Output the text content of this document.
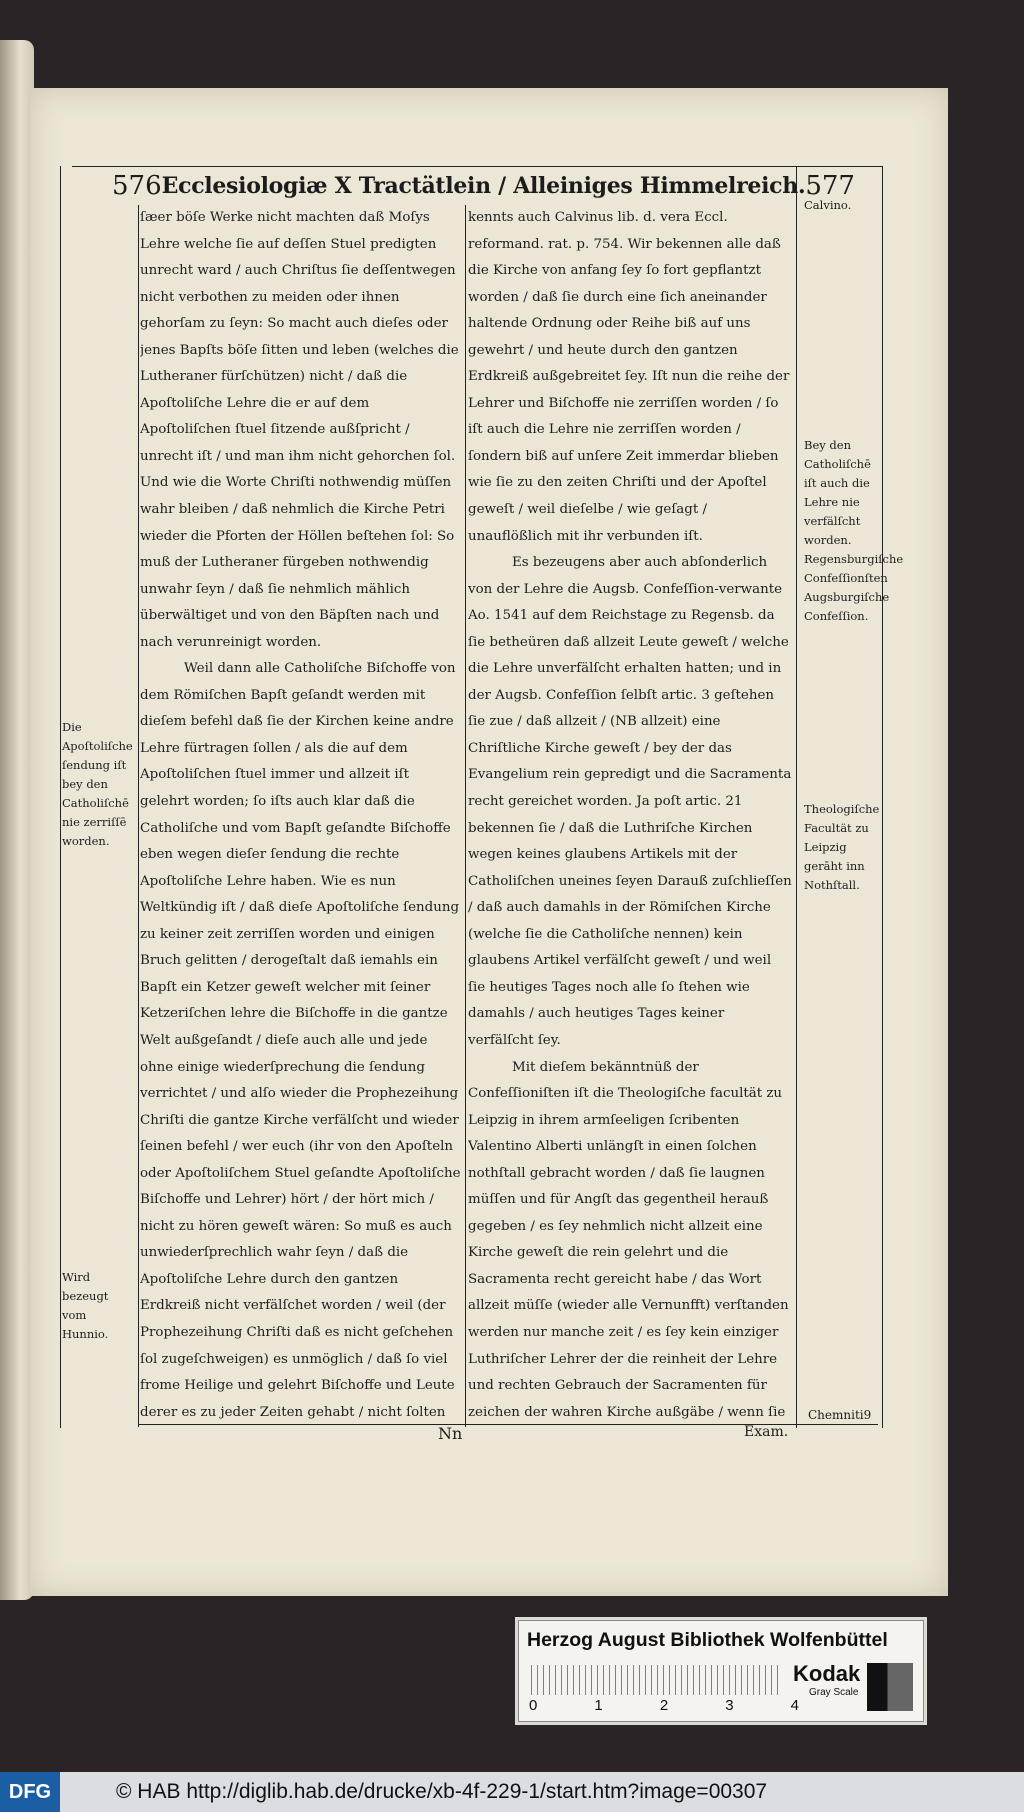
576 Ecclesiologiæ X Tractätlein / Alleiniges Himmelreich. 577

ſæer böſe Werke nicht machten daß Moſys Lehre welche ſie auf deſſen Stuel predigten unrecht ward / auch Chriſtus ſie deſſentwegen nicht verbothen zu meiden oder ihnen gehorſam zu ſeyn: So macht auch dieſes oder jenes Bapſts böſe ſitten und leben (welches die Lutheraner fürſchützen) nicht / daß die Apoſtoliſche Lehre die er auf dem Apoſtoliſchen ſtuel ſitzende außſpricht / unrecht iſt / und man ihm nicht gehorchen ſol. Und wie die Worte Chriſti nothwendig müſſen wahr bleiben / daß nehmlich die Kirche Petri wieder die Pforten der Höllen beſtehen ſol: So muß der Lutheraner fürgeben nothwendig unwahr ſeyn / daß ſie nehmlich mählich überwältiget und von den Bäpſten nach und nach verunreinigt worden.

Weil dann alle Catholiſche Biſchoffe von dem Römiſchen Bapſt geſandt werden mit dieſem befehl daß ſie der Kirchen keine andre Lehre fürtragen ſollen / als die auf dem Apoſtoliſchen ſtuel immer und allzeit iſt gelehrt worden; ſo iſts auch klar daß die Catholiſche und vom Bapſt geſandte Biſchoffe eben wegen dieſer ſendung die rechte Apoſtoliſche Lehre haben. Wie es nun Weltkündig iſt / daß dieſe Apoſtoliſche ſendung zu keiner zeit zerriſſen worden und einigen Bruch gelitten / derogeſtalt daß iemahls ein Bapſt ein Ketzer geweſt welcher mit ſeiner Ketzeriſchen lehre die Biſchoffe in die gantze Welt außgeſandt / dieſe auch alle und jede ohne einige wiederſprechung die ſendung verrichtet / und alſo wieder die Prophezeihung Chriſti die gantze Kirche verfälſcht und wieder ſeinen befehl / wer euch (ihr von den Apoſteln oder Apoſtoliſchem Stuel geſandte Apoſtoliſche Biſchoffe und Lehrer) hört / der hört mich / nicht zu hören geweſt wären: So muß es auch unwiederſprechlich wahr ſeyn / daß die Apoſtoliſche Lehre durch den gantzen Erdkreiß nicht verfälſchet worden / weil (der Prophezeihung Chriſti daß es nicht geſchehen ſol zugeſchweigen) es unmöglich / daß ſo viel frome Heilige und gelehrt Biſchoffe und Leute derer es zu jeder Zeiten gehabt / nicht ſolten

kennts auch Calvinus lib. d. vera Eccl. reformand. rat. p. 754. Wir bekennen alle daß die Kirche von anfang ſey ſo fort gepflantzt worden / daß ſie durch eine ſich aneinander haltende Ordnung oder Reihe biß auf uns gewehrt / und heute durch den gantzen Erdkreiß außgebreitet ſey. Iſt nun die reihe der Lehrer und Biſchoffe nie zerriſſen worden / ſo iſt auch die Lehre nie zerriſſen worden / ſondern biß auf unſere Zeit immerdar blieben wie ſie zu den zeiten Chriſti und der Apoſtel geweſt / weil dieſelbe / wie geſagt / unauflößlich mit ihr verbunden iſt.

Es bezeugens aber auch abſonderlich von der Lehre die Augsb. Confeſſion-verwante Ao. 1541 auf dem Reichstage zu Regensb. da ſie betheüren daß allzeit Leute geweſt / welche die Lehre unverfälſcht erhalten hatten; und in der Augsb. Confeſſion ſelbſt artic. 3 geſtehen ſie zue / daß allzeit / (NB allzeit) eine Chriſtliche Kirche geweſt / bey der das Evangelium rein gepredigt und die Sacramenta recht gereichet worden. Ja poſt artic. 21 bekennen ſie / daß die Luthriſche Kirchen wegen keines glaubens Artikels mit der Catholiſchen uneines ſeyen Darauß zuſchlieſſen / daß auch damahls in der Römiſchen Kirche (welche ſie die Catholiſche nennen) kein glaubens Artikel verfälſcht geweſt / und weil ſie heutiges Tages noch alle ſo ſtehen wie damahls / auch heutiges Tages keiner verfälſcht ſey.

Mit dieſem bekänntnüß der Confeſſioniſten iſt die Theologiſche facultät zu Leipzig in ihrem armſeeligen ſcribenten Valentino Alberti unlängſt in einen ſolchen nothſtall gebracht worden / daß ſie laugnen müſſen und für Angſt das gegentheil herauß gegeben / es ſey nehmlich nicht allzeit eine Kirche geweſt die rein gelehrt und die Sacramenta recht gereicht habe / das Wort allzeit müſſe (wieder alle Vernunfft) verſtanden werden nur manche zeit / es ſey kein einziger Luthriſcher Lehrer der die reinheit der Lehre und rechten Gebrauch der Sacramenten für zeichen der wahren Kirche außgäbe / wenn ſie

Die Apoſtoliſche ſendung iſt bey den Catholiſchē nie zerriſſē worden.
Wird bezeugt vom Hunnio.
Calvino.
Bey den Catholiſchē iſt auch die Lehre nie verfälſcht worden. Regensburgiſche Confeſſionſten Augsburgiſche Confeſſion.
Theologiſche Facultät zu Leipzig gerāht inn Nothſtall.
Nn	Exam.
Chemniti9
Herzog August Bibliothek Wolfenbüttel
0	1	2	3	4
Kodak
Gray Scale
DFG	© HAB http://diglib.hab.de/drucke/xb-4f-229-1/start.htm?image=00307
